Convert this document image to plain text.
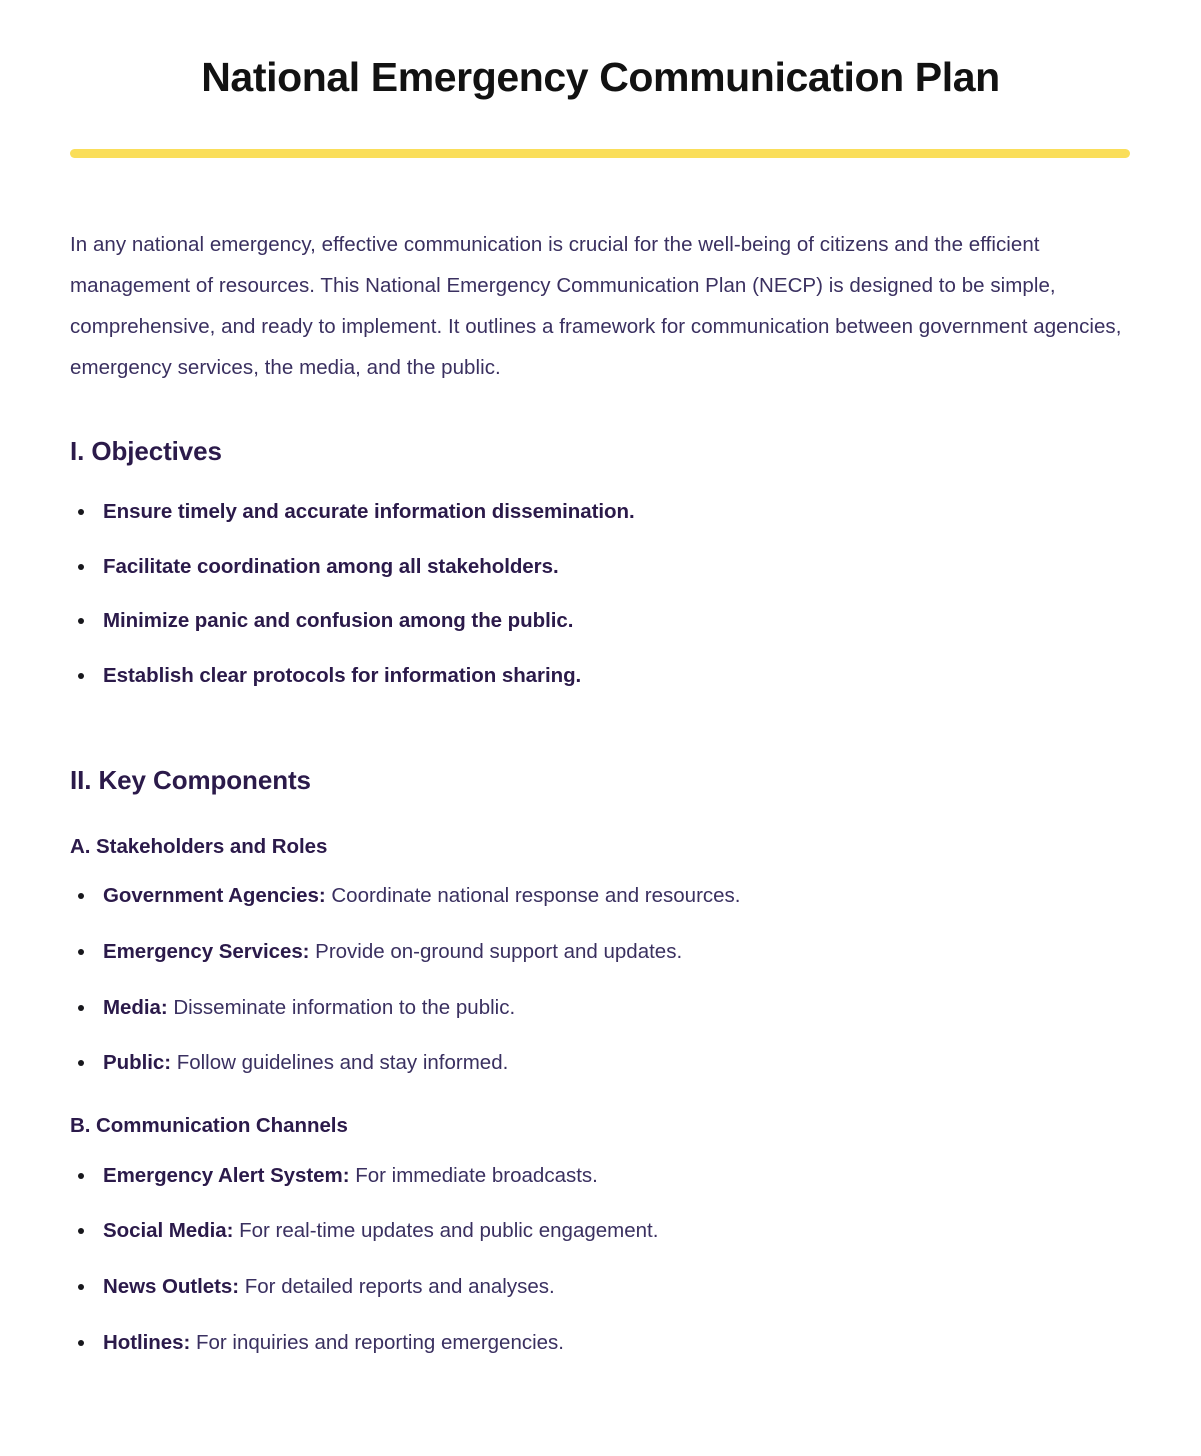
National Emergency Communication Plan

In any national emergency, effective communication is crucial for the well-being of citizens and the efficient management of resources. This National Emergency Communication Plan (NECP) is designed to be simple, comprehensive, and ready to implement. It outlines a framework for communication between government agencies, emergency services, the media, and the public.

I. Objectives
Ensure timely and accurate information dissemination.
Facilitate coordination among all stakeholders.
Minimize panic and confusion among the public.
Establish clear protocols for information sharing.
II. Key Components
A. Stakeholders and Roles
Government Agencies: Coordinate national response and resources.
Emergency Services: Provide on-ground support and updates.
Media: Disseminate information to the public.
Public: Follow guidelines and stay informed.
B. Communication Channels
Emergency Alert System: For immediate broadcasts.
Social Media: For real-time updates and public engagement.
News Outlets: For detailed reports and analyses.
Hotlines: For inquiries and reporting emergencies.
